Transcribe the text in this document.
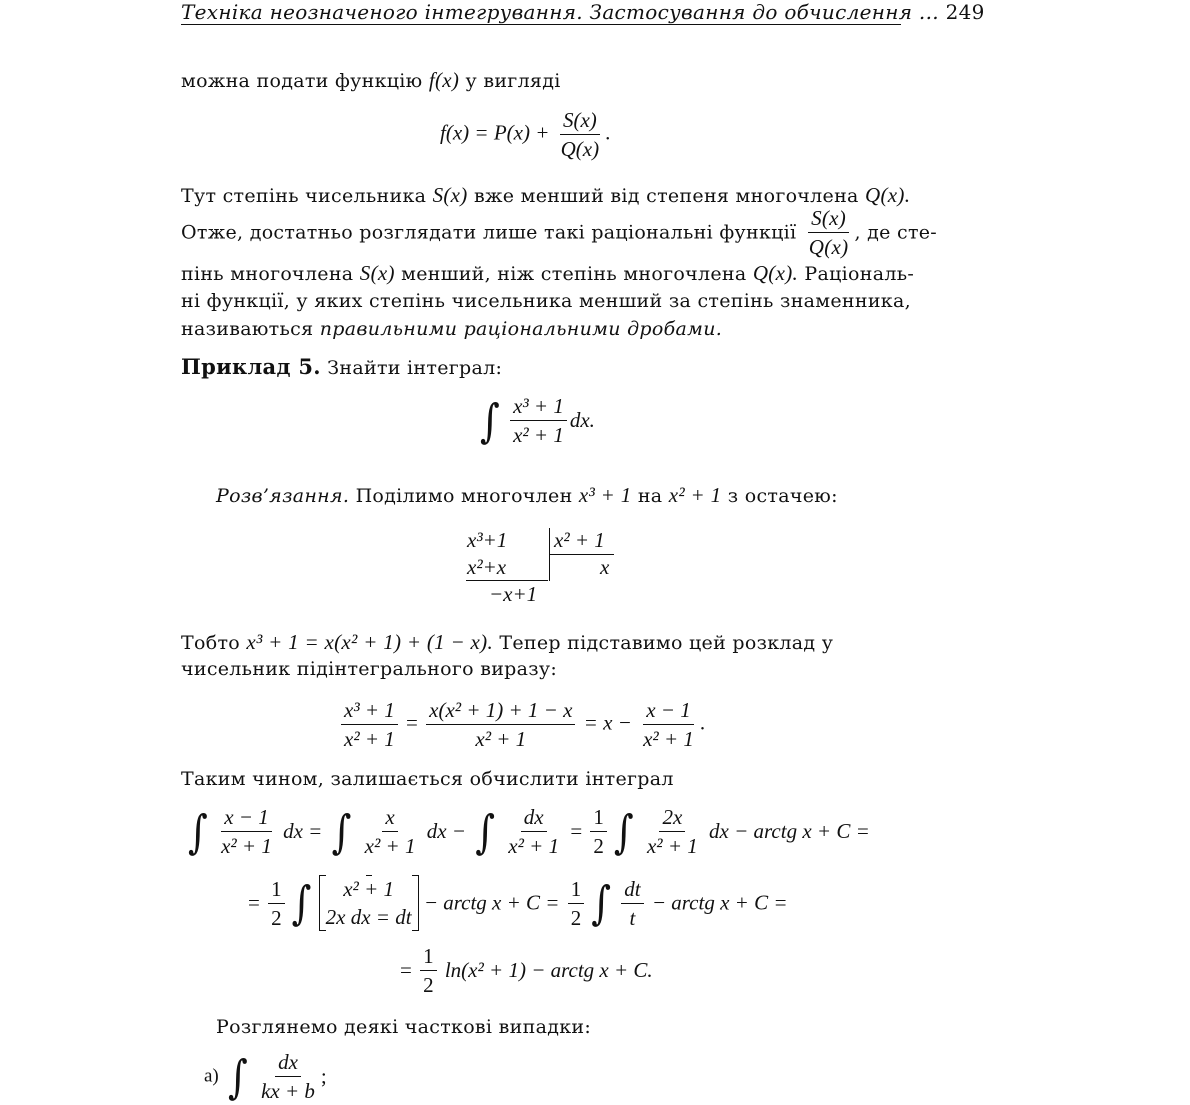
Техніка неозначеного інтегрування. Застосування до обчислення ... 249
можна подати функцію f(x) у вигляді
$f(x) = P(x) + \frac{S(x)}{Q(x)}$ .
Тут степінь чисельника S(x) вже менший від степеня многочлена Q(x).
Отже, достатньо розглядати лише такі раціональні функції $\frac{S(x)}{Q(x)}$ , де сте-
пінь многочлена S(x) менший, ніж степінь многочлена Q(x). Раціональ-
ні функції, у яких степінь чисельника менший за степінь знаменника,
називаються правильними раціональними дробами.
Приклад 5. Знайти інтеграл:
∫ $\frac{\text{x³ + 1}}{\text{x² + 1}}$ dx.
Розв’язання. Поділимо многочлен x³ + 1 на x² + 1 з остачею:
x³+1
x²+x
−x+1
x² + 1
x
Тобто x³ + 1 = x(x² + 1) + (1 − x). Тепер підставимо цей розклад у
чисельник підінтегрального виразу:
$\frac{\text{x³ + 1}}{\text{x² + 1}} = \frac{\text{x(x² + 1) + 1 − x}}{\text{x² + 1}} = x - \frac{x - 1}{\text{x² + 1}}$ .
Таким чином, залишається обчислити інтеграл
∫ $\frac{x - 1}{\text{x² + 1}}$ dx = ∫ $\frac{x}{\text{x² + 1}}$ dx − ∫ $\frac{dx}{\text{x² + 1}} = \frac{1}{2}$ ∫ $\frac{2x}{\text{x² + 1}}$ dx − arctg x + C =
= $\frac{1}{2}$ ∫ x² + 1
2x dx = dt
− arctg $x + C = \frac{1}{2}$ ∫ $\frac{dt}{t}$ − arctg x + C =
= $\frac{1}{2} \ln(x^2 + 1)$ − arctg x + C.
Розглянемо деякі часткові випадки:
а) ∫ $\frac{dx}{kx + b}$ ;
